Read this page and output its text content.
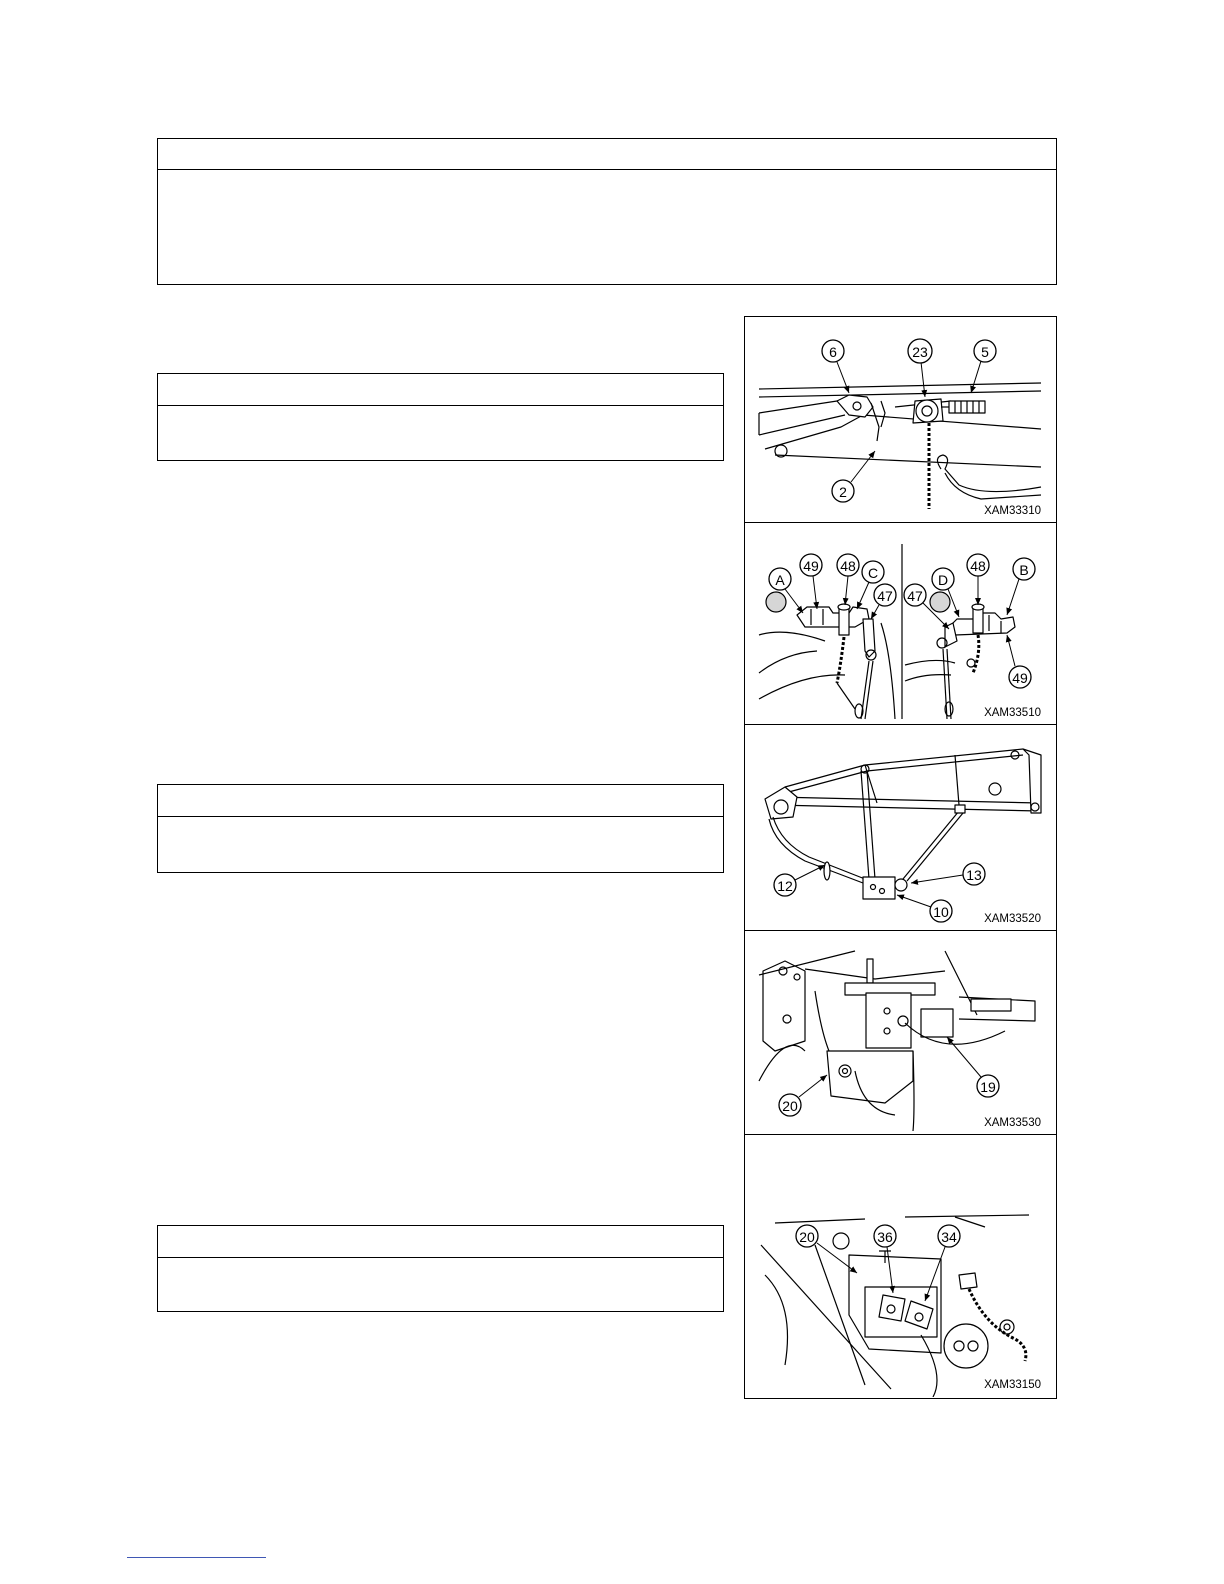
6	23	5
2
XAM33310
A
49 48 C
47
D
48 B
47
49
XAM33510
12
13
10	XAM33520
20
19
XAM33530
20	36	34
XAM33150
